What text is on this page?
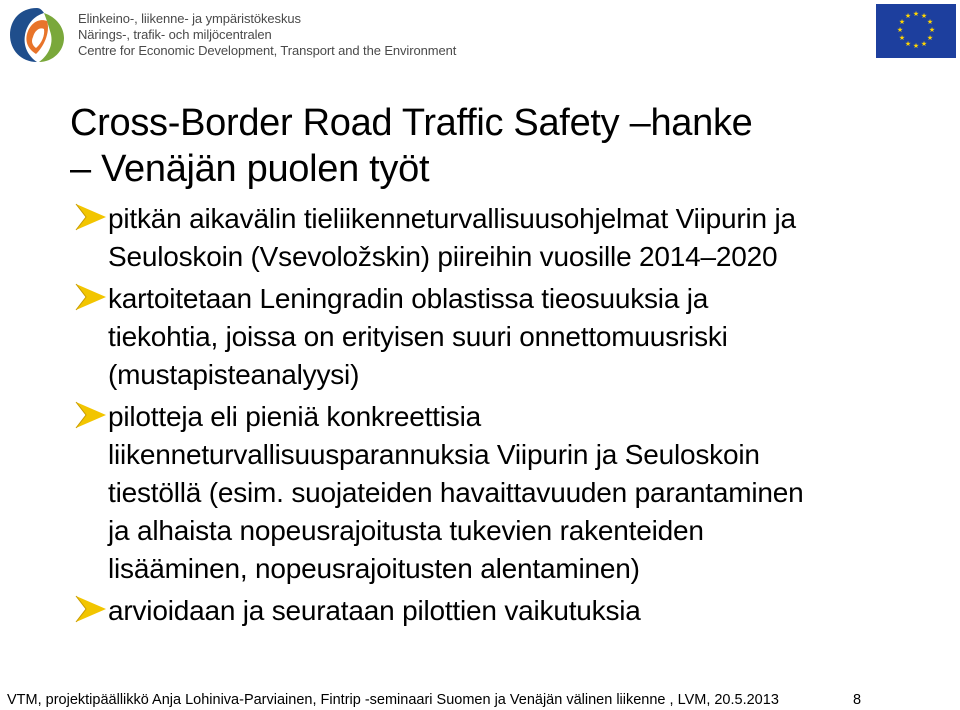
Elinkeino-, liikenne- ja ympäristökeskus
Närings-, trafik- och miljöcentralen
Centre for Economic Development, Transport and the Environment
★ ★
★
★
★
★
★
★
★
★
★
★
Cross-Border Road Traffic Safety –hanke
– Venäjän puolen työt
pitkän aikavälin tieliikenneturvallisuusohjelmat Viipurin ja
Seuloskoin (Vsevoložskin) piireihin vuosille 2014–2020
kartoitetaan Leningradin oblastissa tieosuuksia ja
tiekohtia, joissa on erityisen suuri onnettomuusriski
(mustapisteanalyysi)
pilotteja eli pieniä konkreettisia
liikenneturvallisuusparannuksia Viipurin ja Seuloskoin
tiestöllä (esim. suojateiden havaittavuuden parantaminen
ja alhaista nopeusrajoitusta tukevien rakenteiden
lisääminen, nopeusrajoitusten alentaminen)
arvioidaan ja seurataan pilottien vaikutuksia
VTM, projektipäällikkö Anja Lohiniva-Parviainen, Fintrip -seminaari Suomen ja Venäjän välinen liikenne , LVM, 20.5.2013	8
